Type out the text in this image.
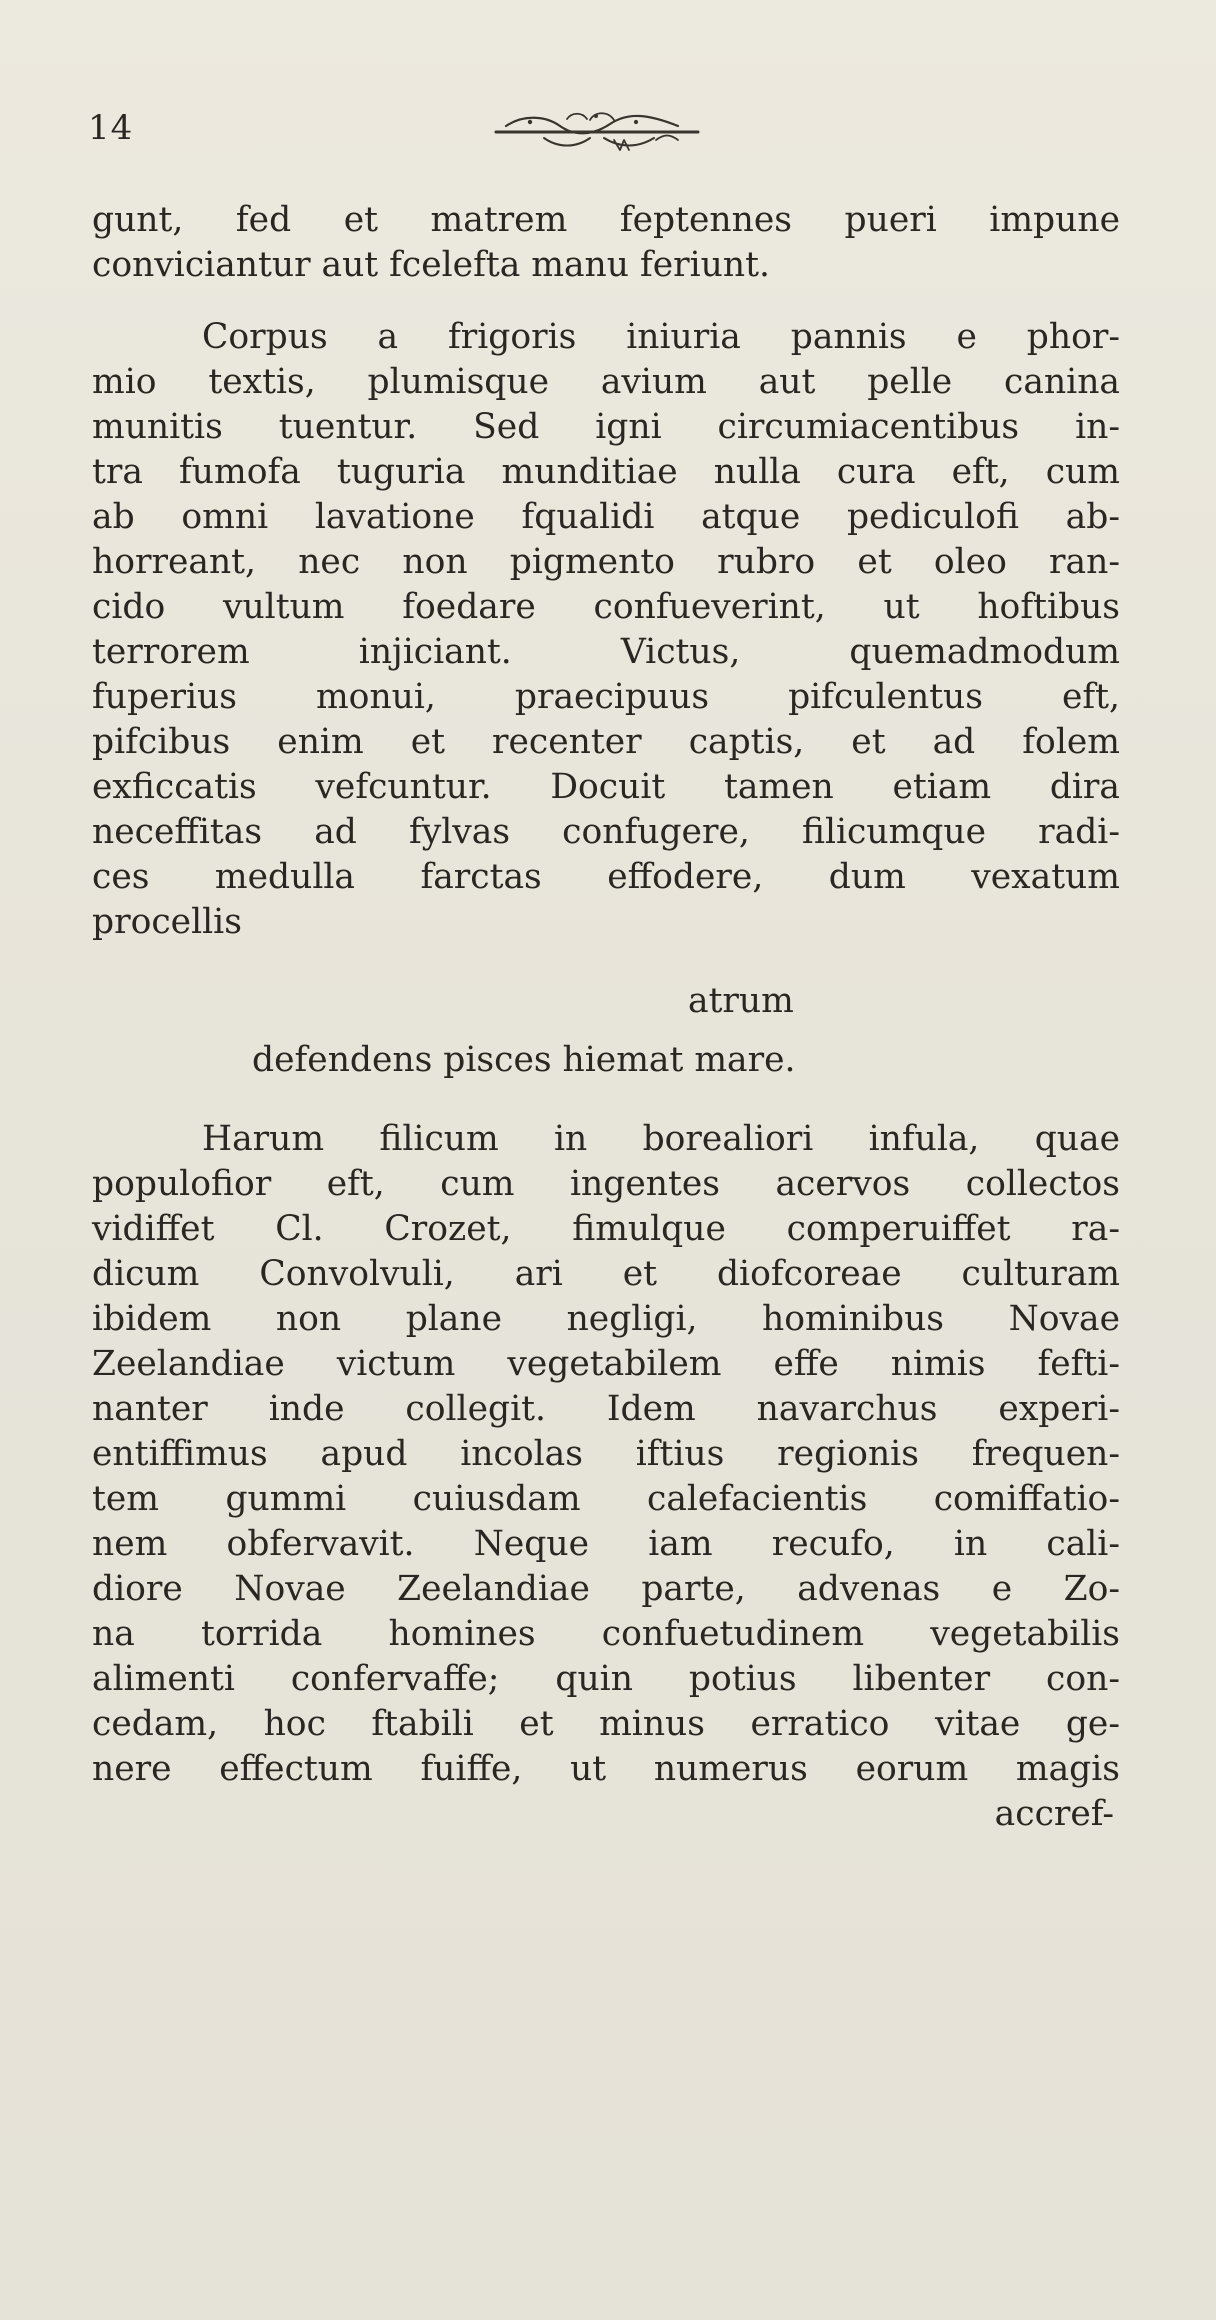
14
gunt, fed et matrem feptennes pueri impune
conviciantur aut fcelefta manu feriunt.
Corpus a frigoris iniuria pannis e phor-
mio textis, plumisque avium aut pelle canina
munitis tuentur. Sed igni circumiacentibus in-
tra fumofa tuguria munditiae nulla cura eft, cum
ab omni lavatione fqualidi atque pediculofi ab-
horreant, nec non pigmento rubro et oleo ran-
cido vultum foedare confueverint, ut hoftibus
terrorem injiciant. Victus, quemadmodum
fuperius monui, praecipuus pifculentus eft,
pifcibus enim et recenter captis, et ad folem
exficcatis vefcuntur. Docuit tamen etiam dira
neceffitas ad fylvas confugere, filicumque radi-
ces medulla farctas effodere, dum vexatum
procellis
atrum
defendens pisces hiemat mare.
Harum filicum in borealiori infula, quae
populofior eft, cum ingentes acervos collectos
vidiffet Cl. Crozet, fimulque comperuiffet ra-
dicum Convolvuli, ari et diofcoreae culturam
ibidem non plane negligi, hominibus Novae
Zeelandiae victum vegetabilem effe nimis fefti-
nanter inde collegit. Idem navarchus experi-
entiffimus apud incolas iftius regionis frequen-
tem gummi cuiusdam calefacientis comiffatio-
nem obfervavit. Neque iam recufo, in cali-
diore Novae Zeelandiae parte, advenas e Zo-
na torrida homines confuetudinem vegetabilis
alimenti confervaffe; quin potius libenter con-
cedam, hoc ftabili et minus erratico vitae ge-
nere effectum fuiffe, ut numerus eorum magis
accref-
